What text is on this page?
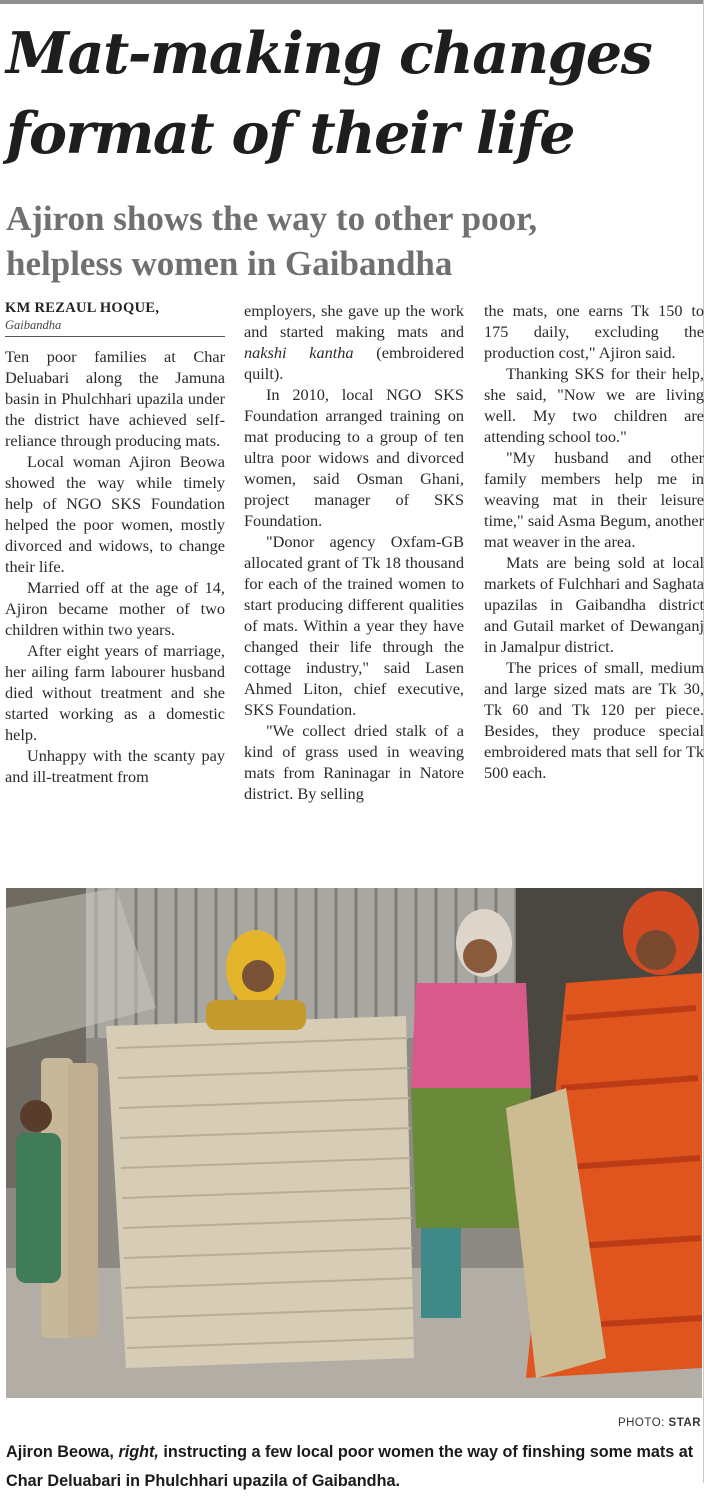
Mat-making changes
format of their life
Ajiron shows the way to other poor,
helpless women in Gaibandha
KM REZAUL HOQUE,
Gaibandha

Ten poor families at Char Deluabari along the Jamuna basin in Phulchhari upazila under the district have achieved self-reliance through producing mats.

Local woman Ajiron Beowa showed the way while timely help of NGO SKS Foundation helped the poor women, mostly divorced and widows, to change their life.

Married off at the age of 14, Ajiron became mother of two children within two years.

After eight years of marriage, her ailing farm labourer husband died without treatment and she started working as a domestic help.

Unhappy with the scanty pay and ill-treatment from

employers, she gave up the work and started making mats and nakshi kantha (embroidered quilt).

In 2010, local NGO SKS Foundation arranged training on mat producing to a group of ten ultra poor widows and divorced women, said Osman Ghani, project manager of SKS Foundation.

"Donor agency Oxfam-GB allocated grant of Tk 18 thousand for each of the trained women to start producing different qualities of mats. Within a year they have changed their life through the cottage industry," said Lasen Ahmed Liton, chief executive, SKS Foundation.

"We collect dried stalk of a kind of grass used in weaving mats from Raninagar in Natore district. By selling

the mats, one earns Tk 150 to 175 daily, excluding the production cost," Ajiron said.

Thanking SKS for their help, she said, "Now we are living well. My two children are attending school too."

"My husband and other family members help me in weaving mat in their leisure time," said Asma Begum, another mat weaver in the area.

Mats are being sold at local markets of Fulchhari and Saghata upazilas in Gaibandha district and Gutail market of Dewanganj in Jamalpur district.

The prices of small, medium and large sized mats are Tk 30, Tk 60 and Tk 120 per piece. Besides, they produce special embroidered mats that sell for Tk 500 each.

PHOTO: STAR
Ajiron Beowa, right, instructing a few local poor women the way of finshing some mats at
Char Deluabari in Phulchhari upazila of Gaibandha.
